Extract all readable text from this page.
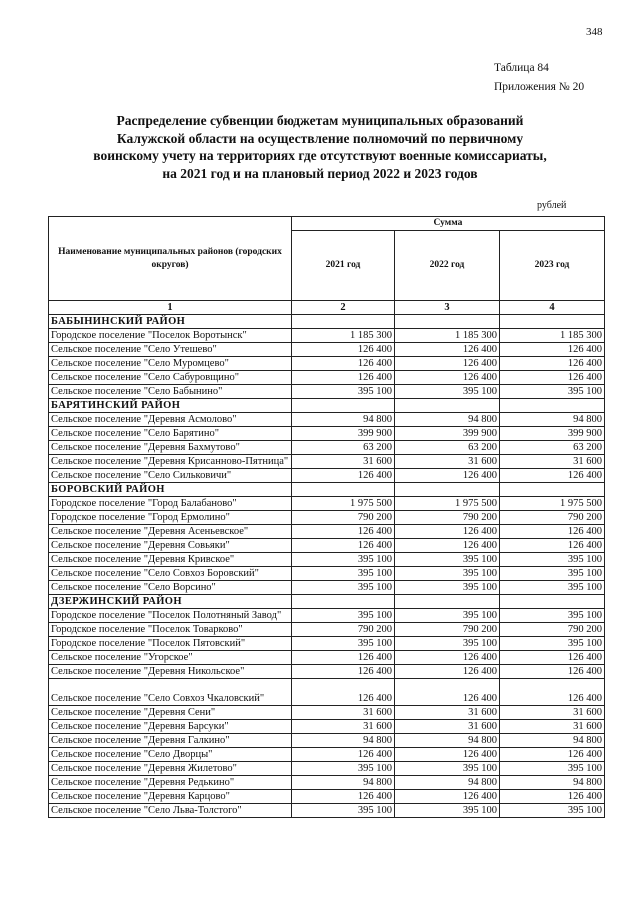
348
Таблица 84
Приложения № 20
Распределение субвенции бюджетам муниципальных образований
Калужской области на осуществление полномочий по первичному
воинскому учету на территориях где отсутствуют военные комиссариаты,
на 2021 год и на плановый период 2022 и 2023 годов
рублей
Наименование муниципальных районов (городских округов)	Сумма		
	2021 год	2022 год	2023 год
1	2	3	4
БАБЫНИНСКИЙ РАЙОН			
Городское поселение "Поселок Воротынск"	1 185 300	1 185 300	1 185 300
Сельское поселение "Село Утешево"	126 400	126 400	126 400
Сельское поселение "Село Муромцево"	126 400	126 400	126 400
Сельское поселение "Село Сабуровщино"	126 400	126 400	126 400
Сельское поселение "Село Бабынино"	395 100	395 100	395 100
БАРЯТИНСКИЙ РАЙОН			
Сельское поселение "Деревня Асмолово"	94 800	94 800	94 800
Сельское поселение "Село Барятино"	399 900	399 900	399 900
Сельское поселение "Деревня Бахмутово"	63 200	63 200	63 200
Сельское поселение "Деревня Крисанново-Пятница"	31 600	31 600	31 600
Сельское поселение "Село Сильковичи"	126 400	126 400	126 400
БОРОВСКИЙ РАЙОН			
Городское поселение "Город Балабаново"	1 975 500	1 975 500	1 975 500
Городское поселение "Город Ермолино"	790 200	790 200	790 200
Сельское поселение "Деревня Асеньевское"	126 400	126 400	126 400
Сельское поселение "Деревня Совьяки"	126 400	126 400	126 400
Сельское поселение "Деревня Кривское"	395 100	395 100	395 100
Сельское поселение "Село Совхоз Боровский"	395 100	395 100	395 100
Сельское поселение "Село Ворсино"	395 100	395 100	395 100
ДЗЕРЖИНСКИЙ РАЙОН			
Городское поселение "Поселок Полотняный Завод"	395 100	395 100	395 100
Городское поселение "Поселок Товарково"	790 200	790 200	790 200
Городское поселение "Поселок Пятовский"	395 100	395 100	395 100
Сельское поселение "Угорское"	126 400	126 400	126 400
Сельское поселение "Деревня Никольское"	126 400	126 400	126 400
Сельское поселение "Село Совхоз Чкаловский"	126 400	126 400	126 400
Сельское поселение "Деревня Сени"	31 600	31 600	31 600
Сельское поселение "Деревня Барсуки"	31 600	31 600	31 600
Сельское поселение "Деревня Галкино"	94 800	94 800	94 800
Сельское поселение "Село Дворцы"	126 400	126 400	126 400
Сельское поселение "Деревня Жилетово"	395 100	395 100	395 100
Сельское поселение "Деревня Редькино"	94 800	94 800	94 800
Сельское поселение "Деревня Карцово"	126 400	126 400	126 400
Сельское поселение "Село Льва-Толстого"	395 100	395 100	395 100
